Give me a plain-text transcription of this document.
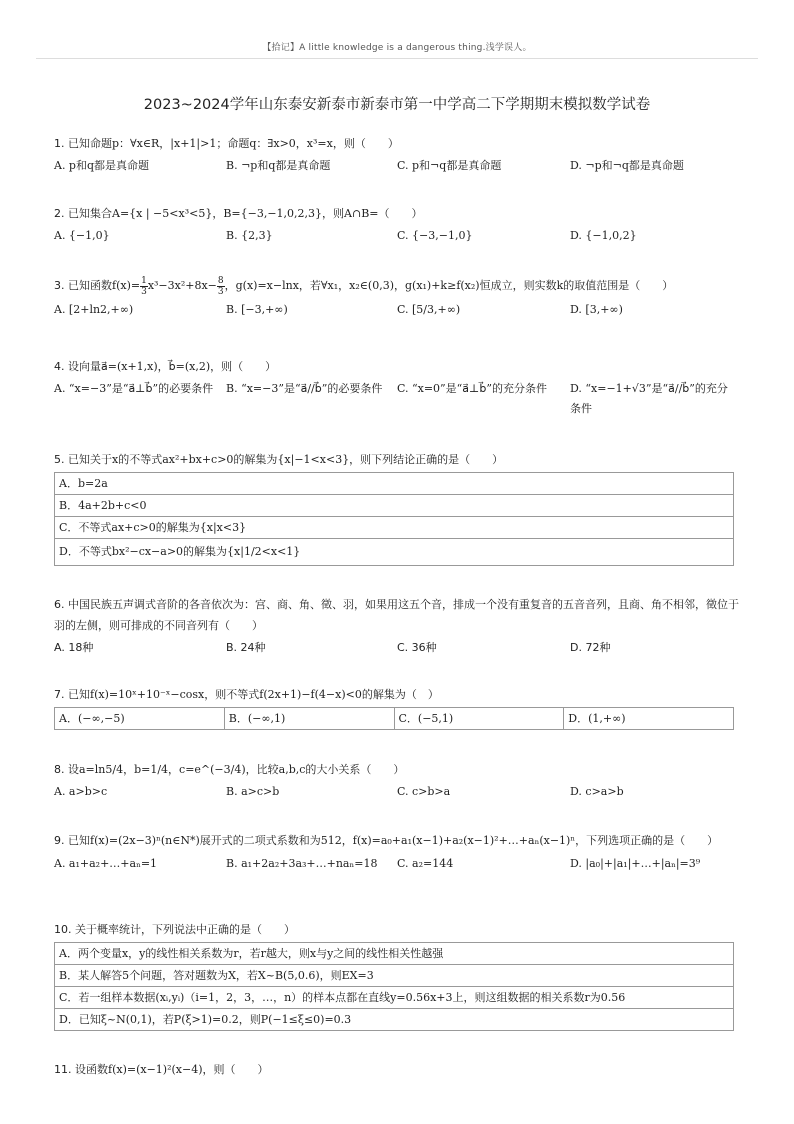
【拾记】A little knowledge is a dangerous thing.浅学误人。
2023~2024学年山东泰安新泰市新泰市第一中学高二下学期期末模拟数学试卷
1. 已知命题p：∀x∈R，|x+1|>1；命题q：∃x>0，x³=x，则（　　）
A. p和q都是真命题	B. ¬p和q都是真命题	C. p和¬q都是真命题	D. ¬p和¬q都是真命题
2. 已知集合A={x | −5<x³<5}，B={−3,−1,0,2,3}，则A∩B=（　　）
A. {−1,0}	B. {2,3}	C. {−3,−1,0}	D. {−1,0,2}
3. 已知函数$f(x)= \frac{1}{3} x^3-3x^2+8x- \frac{8}{3}$ ，g(x)=x−lnx，若∀x₁，x₂∈(0,3)，g(x₁)+k≥f(x₂)恒成立，则实数k的取值范围是（　　）
A. [2+ln2,+∞)	B. [−3,+∞)	C. [5/3,+∞)	D. [3,+∞)
4. 设向量a⃗=(x+1,x)，b⃗=(x,2)，则（　　）
A. “x=−3”是“a⃗⊥b⃗”的必要条件 B. “x=−3”是“a⃗//b⃗”的必要条件	C. “x=0”是“a⃗⊥b⃗”的充分条件	D. “x=−1+√3”是“a⃗//b⃗”的充分条件
5. 已知关于x的不等式ax²+bx+c>0的解集为{x|−1<x<3}，则下列结论正确的是（　　）
A．b=2a
B．4a+2b+c<0
C．不等式ax+c>0的解集为{x|x<3}
D．不等式bx²−cx−a>0的解集为{x|1/2<x<1}
6. 中国民族五声调式音阶的各音依次为：宫、商、角、徵、羽，如果用这五个音，排成一个没有重复音的五音音列，且商、角不相邻，徵位于羽的左侧，则可排成的不同音列有（　　）
A. 18种	B. 24种	C. 36种	D. 72种
7. 已知f(x)=10ˣ+10⁻ˣ−cosx，则不等式f(2x+1)−f(4−x)<0的解集为（　）
A．(−∞,−5)	B．(−∞,1)	C．(−5,1)	D．(1,+∞)
8. 设a=ln5/4，b=1/4，c=e^(−3/4)，比较a,b,c的大小关系（　　）
A. a>b>c	B. a>c>b	C. c>b>a	D. c>a>b
9. 已知f(x)=(2x−3)ⁿ(n∈N*)展开式的二项式系数和为512，f(x)=a₀+a₁(x−1)+a₂(x−1)²+…+aₙ(x−1)ⁿ，下列选项正确的是（　　）
A. a₁+a₂+…+aₙ=1	B. a₁+2a₂+3a₃+…+naₙ=18 C. a₂=144	D. |a₀|+|a₁|+…+|aₙ|=3⁹
10. 关于概率统计，下列说法中正确的是（　　）
A．两个变量x，y的线性相关系数为r，若r越大，则x与y之间的线性相关性越强
B．某人解答5个问题，答对题数为X，若X~B(5,0.6)，则EX=3
C．若一组样本数据(xᵢ,yᵢ)（i=1，2，3，…，n）的样本点都在直线y=0.56x+3上，则这组数据的相关系数r为0.56
D．已知ξ~N(0,1)，若P(ξ>1)=0.2，则P(−1≤ξ≤0)=0.3
11. 设函数f(x)=(x−1)²(x−4)，则（　　）
